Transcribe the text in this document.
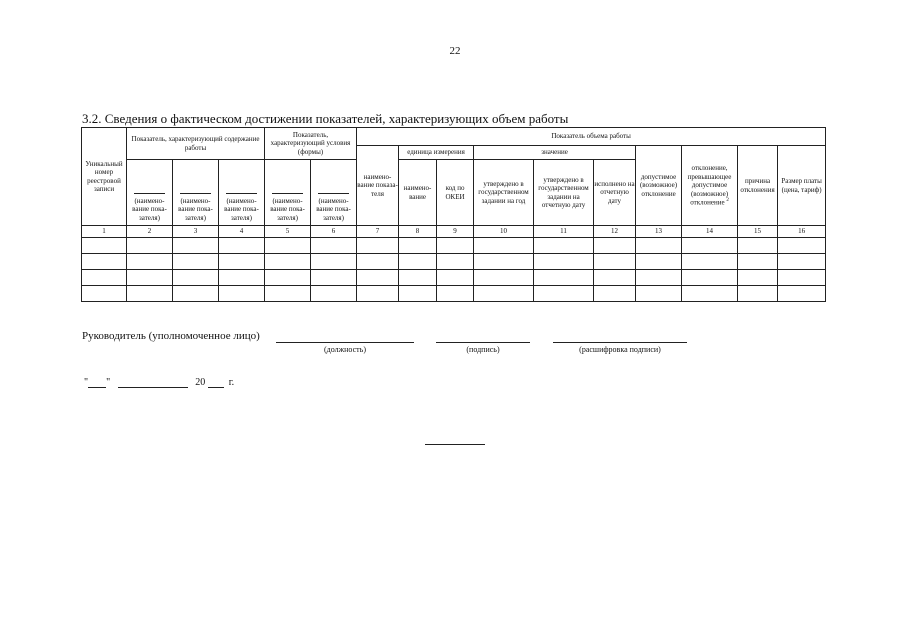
22
3.2. Сведения о фактическом достижении показателей, характеризующих объем работы
Уникальный номер реестровой записи	Показатель, характеризующий содержание работы			Показатель, характеризующий условия (формы)		Показатель объема работы									
						наимено-вание показа-теля	единица измерения		значение			допустимое (возможное) отклонение	отклонение, превышающее допустимое (возможное) отклонение $^2$	причина отклонения	Размер платы (цена, тариф)

(наимено-вание пока-зателя)	(наимено-вание пока-зателя)	(наимено-вание пока-зателя)	(наимено-вание пока-зателя)	(наимено-вание пока-зателя)		наимено-вание	код по ОКЕИ	утверждено в государственном задании на год	утверждено в государственном задании на отчетную дату	исполнено на отчетную дату				
1	2	3	4	5	6	7	8	9	10	11	12	13	14	15	16

Руководитель (уполномоченное лицо)
(должность)	(подпись)	(расшифровка подписи)
" "	20 г.
